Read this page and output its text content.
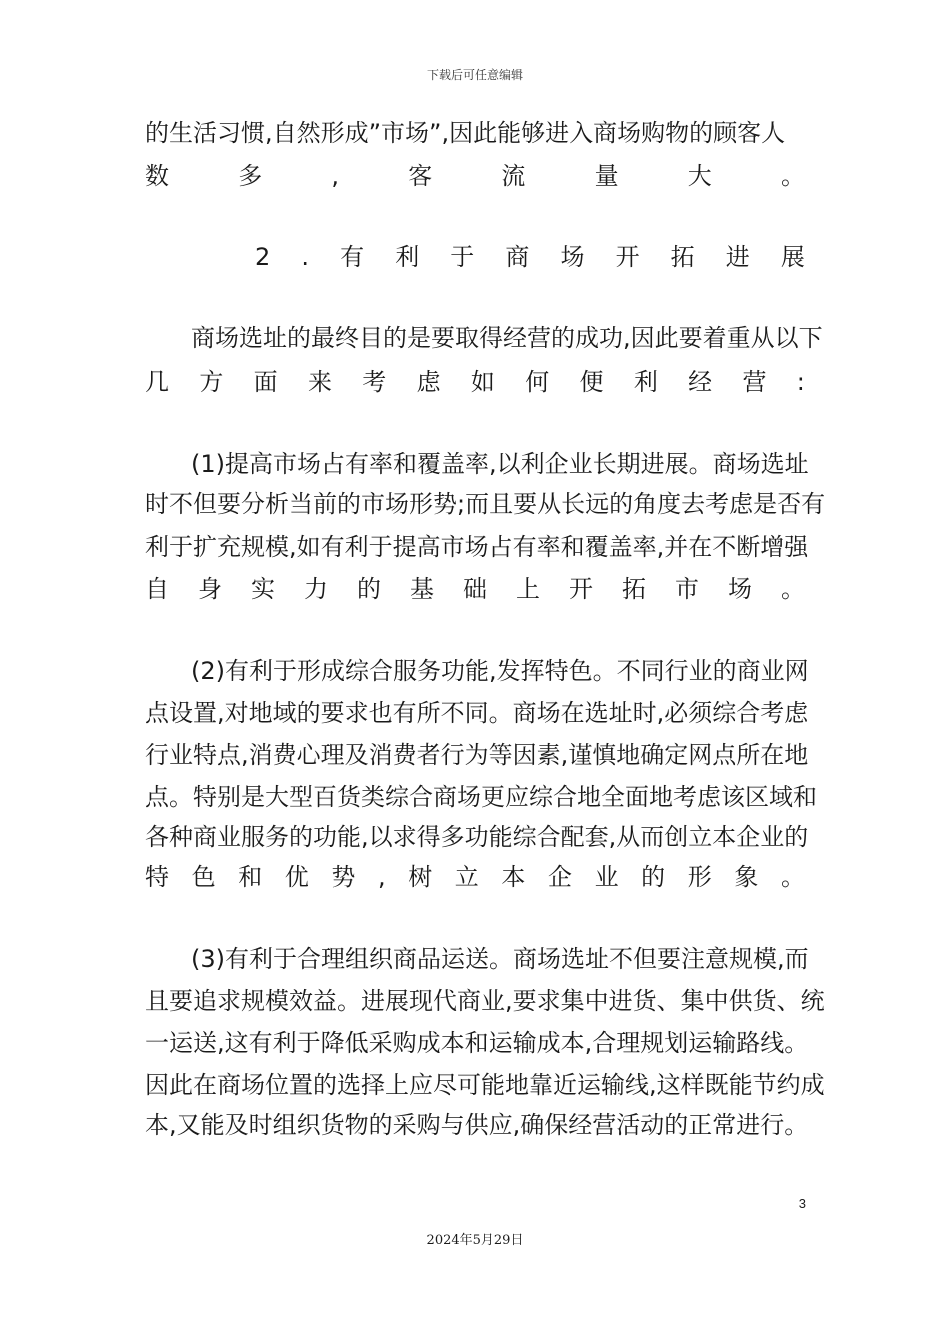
下载后可任意编辑
的生活习惯,自然形成”市场”,因此能够进入商场购物的顾客人
数	多	,	客	流	量	大	。
2 . 有 利 于 商 场 开 拓 进 展
商场选址的最终目的是要取得经营的成功,因此要着重从以下
几 方 面 来 考 虑 如 何 便 利 经 营 :
(1)提高市场占有率和覆盖率,以利企业长期进展。商场选址
时不但要分析当前的市场形势;而且要从长远的角度去考虑是否有
利于扩充规模,如有利于提高市场占有率和覆盖率,并在不断增强
自 身 实 力 的 基 础 上 开 拓 市 场 。
(2)有利于形成综合服务功能,发挥特色。不同行业的商业网
点设置,对地域的要求也有所不同。商场在选址时,必须综合考虑
行业特点,消费心理及消费者行为等因素,谨慎地确定网点所在地
点。特别是大型百货类综合商场更应综合地全面地考虑该区域和
各种商业服务的功能,以求得多功能综合配套,从而创立本企业的
特 色 和 优 势 , 树 立 本 企 业 的 形 象 。
(3)有利于合理组织商品运送。商场选址不但要注意规模,而
且要追求规模效益。进展现代商业,要求集中进货、集中供货、统
一运送,这有利于降低采购成本和运输成本,合理规划运输路线。
因此在商场位置的选择上应尽可能地靠近运输线,这样既能节约成
本,又能及时组织货物的采购与供应,确保经营活动的正常进行。
3
2024年5月29日
